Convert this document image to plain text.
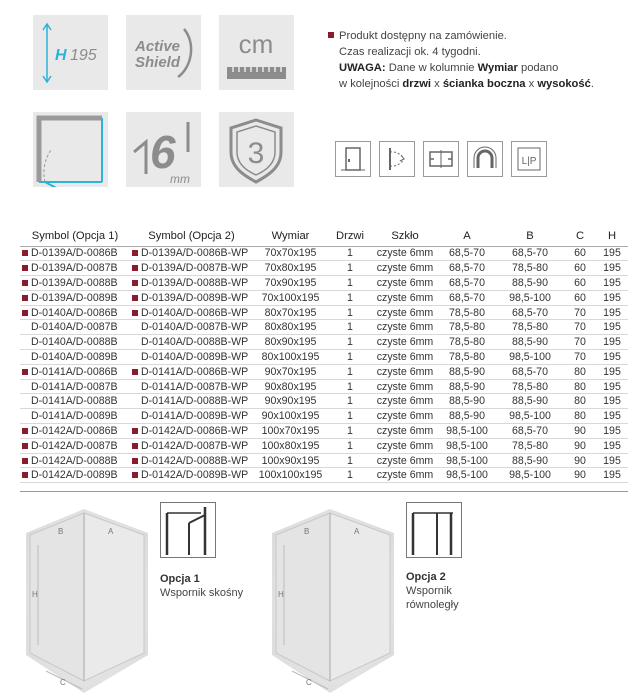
H 195
Active
Shield
cm
6
mm
3
Produkt dostępny na zamówienie.
Czas realizacji ok. 4 tygodni.
UWAGA: Dane w kolumnie Wymiar podano
w kolejności drzwi x ścianka boczna x wysokość.
L|P
Symbol (Opcja 1)	Symbol (Opcja 2)	Wymiar	Drzwi	Szkło	A	B	C	H
D-0139A/D-0086B	D-0139A/D-0086B-WP	70x70x195	1	czyste 6mm	68,5-70	68,5-70	60	195
D-0139A/D-0087B	D-0139A/D-0087B-WP	70x80x195	1	czyste 6mm	68,5-70	78,5-80	60	195
D-0139A/D-0088B	D-0139A/D-0088B-WP	70x90x195	1	czyste 6mm	68,5-70	88,5-90	60	195
D-0139A/D-0089B	D-0139A/D-0089B-WP	70x100x195	1	czyste 6mm	68,5-70	98,5-100	60	195
D-0140A/D-0086B	D-0140A/D-0086B-WP	80x70x195	1	czyste 6mm	78,5-80	68,5-70	70	195
D-0140A/D-0087B	D-0140A/D-0087B-WP	80x80x195	1	czyste 6mm	78,5-80	78,5-80	70	195
D-0140A/D-0088B	D-0140A/D-0088B-WP	80x90x195	1	czyste 6mm	78,5-80	88,5-90	70	195
D-0140A/D-0089B	D-0140A/D-0089B-WP	80x100x195	1	czyste 6mm	78,5-80	98,5-100	70	195
D-0141A/D-0086B	D-0141A/D-0086B-WP	90x70x195	1	czyste 6mm	88,5-90	68,5-70	80	195
D-0141A/D-0087B	D-0141A/D-0087B-WP	90x80x195	1	czyste 6mm	88,5-90	78,5-80	80	195
D-0141A/D-0088B	D-0141A/D-0088B-WP	90x90x195	1	czyste 6mm	88,5-90	88,5-90	80	195
D-0141A/D-0089B	D-0141A/D-0089B-WP	90x100x195	1	czyste 6mm	88,5-90	98,5-100	80	195
D-0142A/D-0086B	D-0142A/D-0086B-WP	100x70x195	1	czyste 6mm	98,5-100	68,5-70	90	195
D-0142A/D-0087B	D-0142A/D-0087B-WP	100x80x195	1	czyste 6mm	98,5-100	78,5-80	90	195
D-0142A/D-0088B	D-0142A/D-0088B-WP	100x90x195	1	czyste 6mm	98,5-100	88,5-90	90	195
D-0142A/D-0089B	D-0142A/D-0089B-WP	100x100x195	1	czyste 6mm	98,5-100	98,5-100	90	195
B	A
H
C
Opcja 1
Wspornik skośny
B	A
H
C
Opcja 2
Wspornik
równoległy
